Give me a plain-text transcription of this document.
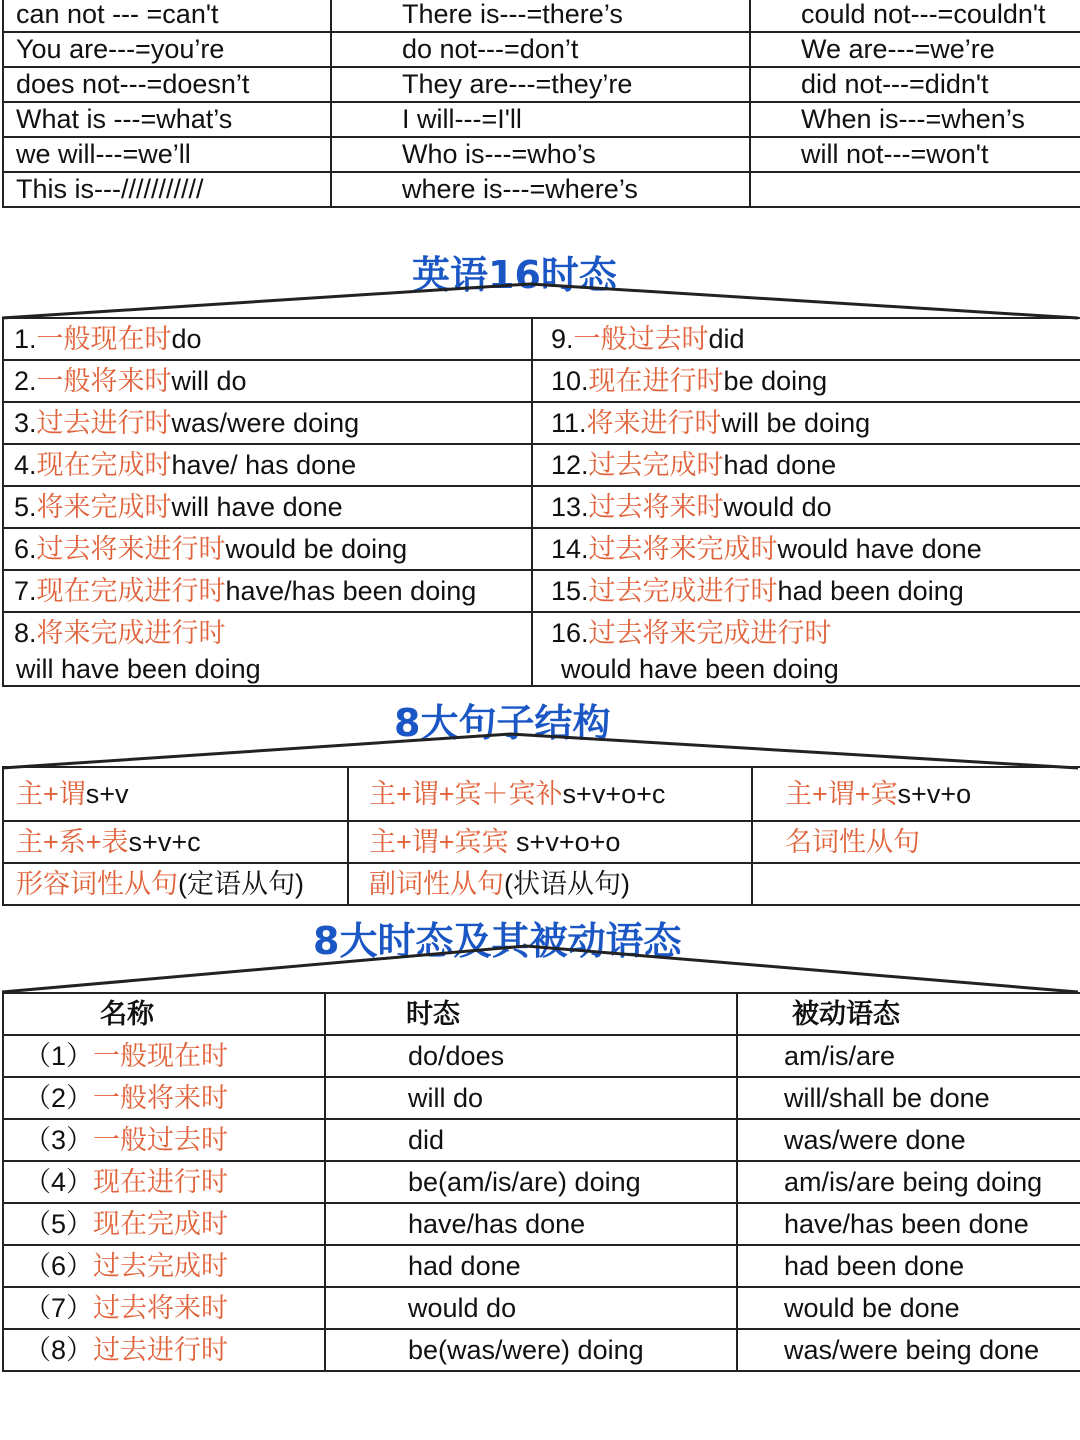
can not --- =can't	There is---=there’s	could not---=couldn't
You are---=you’re	do not---=don’t	We are---=we’re
does not---=doesn’t	They are---=they’re	did not---=didn't
What is ---=what’s	I will---=I'll	When is---=when’s
we will---=we’ll	Who is---=who’s	will not---=won't
This is---///////////	where is---=where’s	
英语16时态
1.一般现在时do	9.一般过去时did
2.一般将来时will do	10.现在进行时be doing
3.过去进行时was/were doing	11.将来进行时will be doing
4.现在完成时have/ has done	12.过去完成时had done
5.将来完成时will have done	13.过去将来时would do
6.过去将来进行时would be doing	14.过去将来完成时would have done
7.现在完成进行时have/has been doing	15.过去完成进行时had been doing
8.将来完成进行时	16.过去将来完成进行时
will have been doing	would have been doing
8大句子结构
主+谓s+v	主+谓+宾＋宾补s+v+o+c	主+谓+宾s+v+o
主+系+表s+v+c	主+谓+宾宾 s+v+o+o	名词性从句
形容词性从句(定语从句)	副词性从句(状语从句)	
8大时态及其被动语态
名称	时态	被动语态
（1）一般现在时	do/does	am/is/are
（2）一般将来时	will do	will/shall be done
（3）一般过去时	did	was/were done
（4）现在进行时	be(am/is/are) doing	am/is/are being doing
（5）现在完成时	have/has done	have/has been done
（6）过去完成时	had done	had been done
（7）过去将来时	would do	would be done
（8）过去进行时	be(was/were) doing	was/were being done
